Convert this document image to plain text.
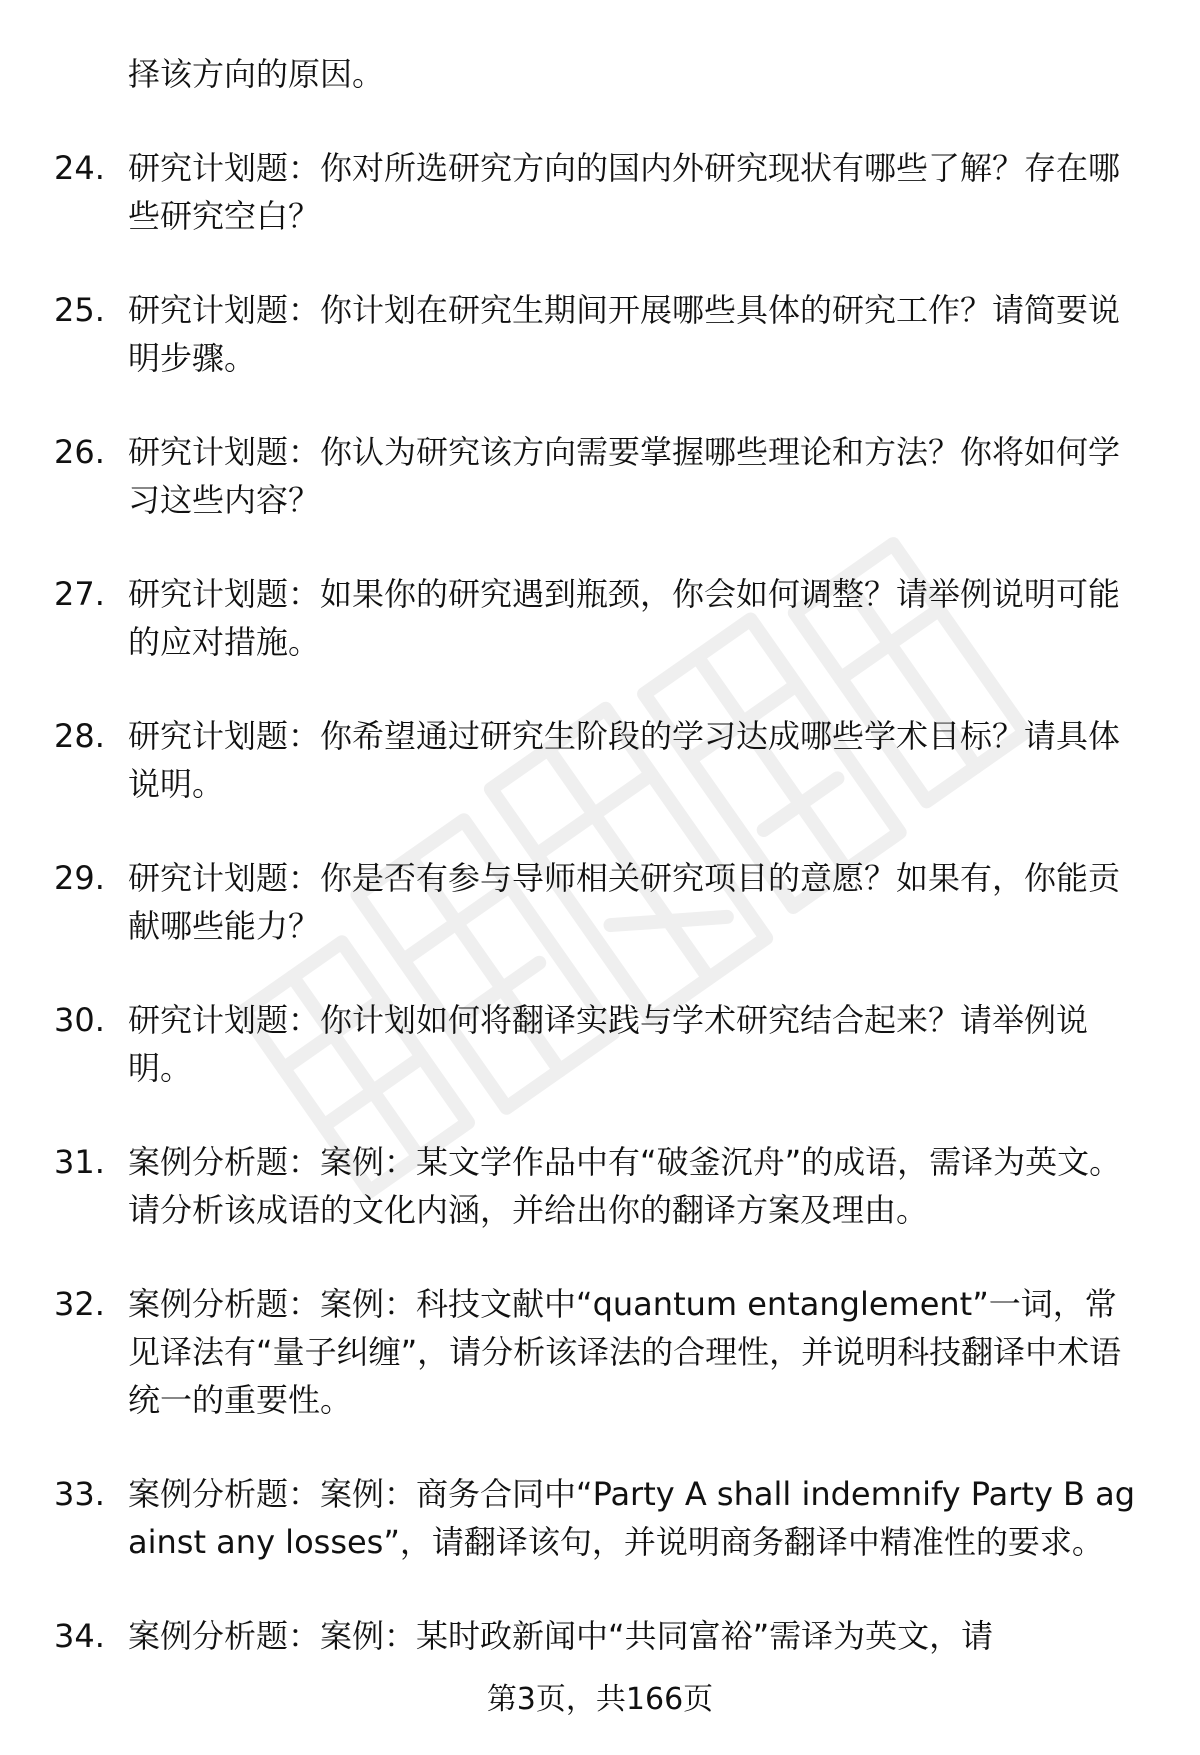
择该方向的原因。
24. 研究计划题：你对所选研究方向的国内外研究现状有哪些了解？存在哪些研究空白？
25. 研究计划题：你计划在研究生期间开展哪些具体的研究工作？请简要说明步骤。
26. 研究计划题：你认为研究该方向需要掌握哪些理论和方法？你将如何学习这些内容？
27. 研究计划题：如果你的研究遇到瓶颈，你会如何调整？请举例说明可能的应对措施。
28. 研究计划题：你希望通过研究生阶段的学习达成哪些学术目标？请具体说明。
29. 研究计划题：你是否有参与导师相关研究项目的意愿？如果有，你能贡献哪些能力？
30. 研究计划题：你计划如何将翻译实践与学术研究结合起来？请举例说明。
31. 案例分析题：案例：某文学作品中有“破釜沉舟”的成语，需译为英文。请分析该成语的文化内涵，并给出你的翻译方案及理由。
32. 案例分析题：案例：科技文献中“quantum entanglement”一词，常见译法有“量子纠缠”，请分析该译法的合理性，并说明科技翻译中术语统一的重要性。
33. 案例分析题：案例：商务合同中“Party A shall indemnify Party B against any losses”，请翻译该句，并说明商务翻译中精准性的要求。
34. 案例分析题：案例：某时政新闻中“共同富裕”需译为英文，请
第3页，共166页
